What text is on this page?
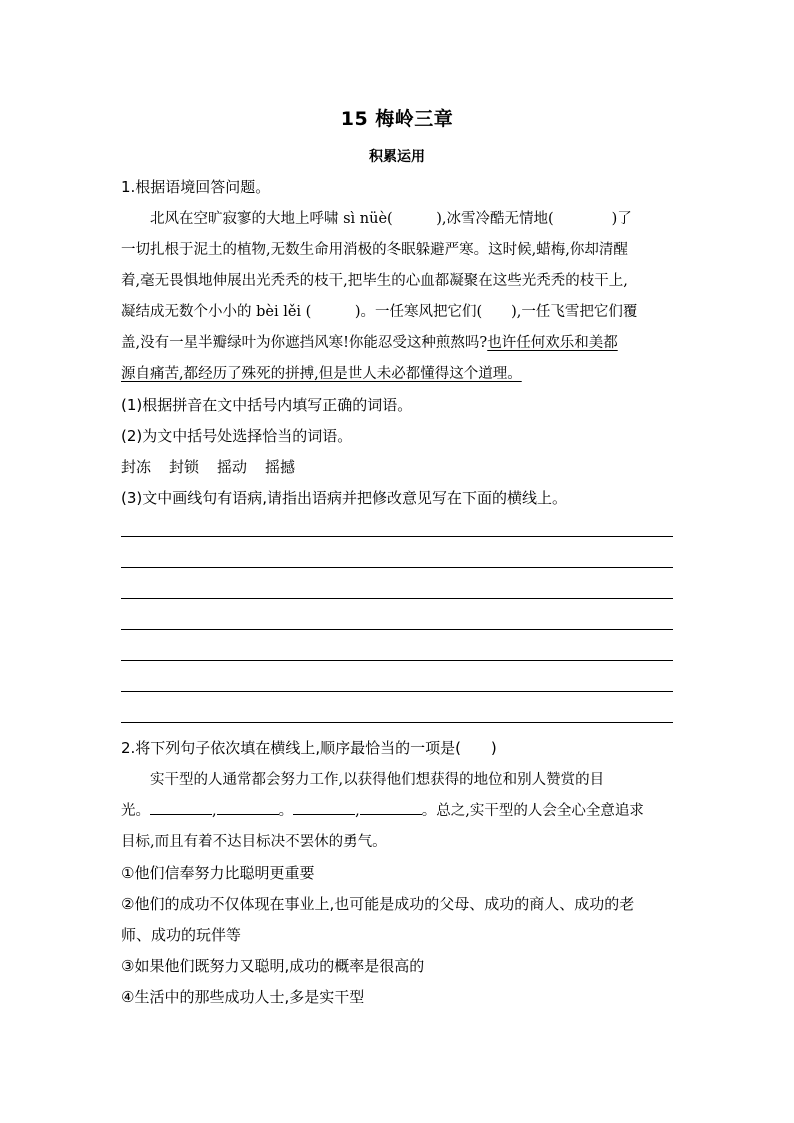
15 梅岭三章
积累运用
1.根据语境回答问题。
　　北风在空旷寂寥的大地上呼啸 sì nüè(　　　),冰雪冷酷无情地(　　　　)了
一切扎根于泥土的植物,无数生命用消极的冬眠躲避严寒。这时候,蜡梅,你却清醒
着,毫无畏惧地伸展出光秃秃的枝干,把毕生的心血都凝聚在这些光秃秃的枝干上,
凝结成无数个小小的 bèi lěi (　　　)。一任寒风把它们(　　),一任飞雪把它们覆
盖,没有一星半瓣绿叶为你遮挡风寒!你能忍受这种煎熬吗?也许任何欢乐和美都
源自痛苦,都经历了殊死的拼搏,但是世人未必都懂得这个道理。
(1)根据拼音在文中括号内填写正确的词语。
(2)为文中括号处选择恰当的词语。
封冻 封锁 摇动 摇撼
(3)文中画线句有语病,请指出语病并把修改意见写在下面的横线上。
2.将下列句子依次填在横线上,顺序最恰当的一项是(　　)
　　实干型的人通常都会努力工作,以获得他们想获得的地位和别人赞赏的目
光。	,	。	,	。总之,实干型的人会全心全意追求
目标,而且有着不达目标决不罢休的勇气。
①他们信奉努力比聪明更重要
②他们的成功不仅体现在事业上,也可能是成功的父母、成功的商人、成功的老
师、成功的玩伴等
③如果他们既努力又聪明,成功的概率是很高的
④生活中的那些成功人士,多是实干型
